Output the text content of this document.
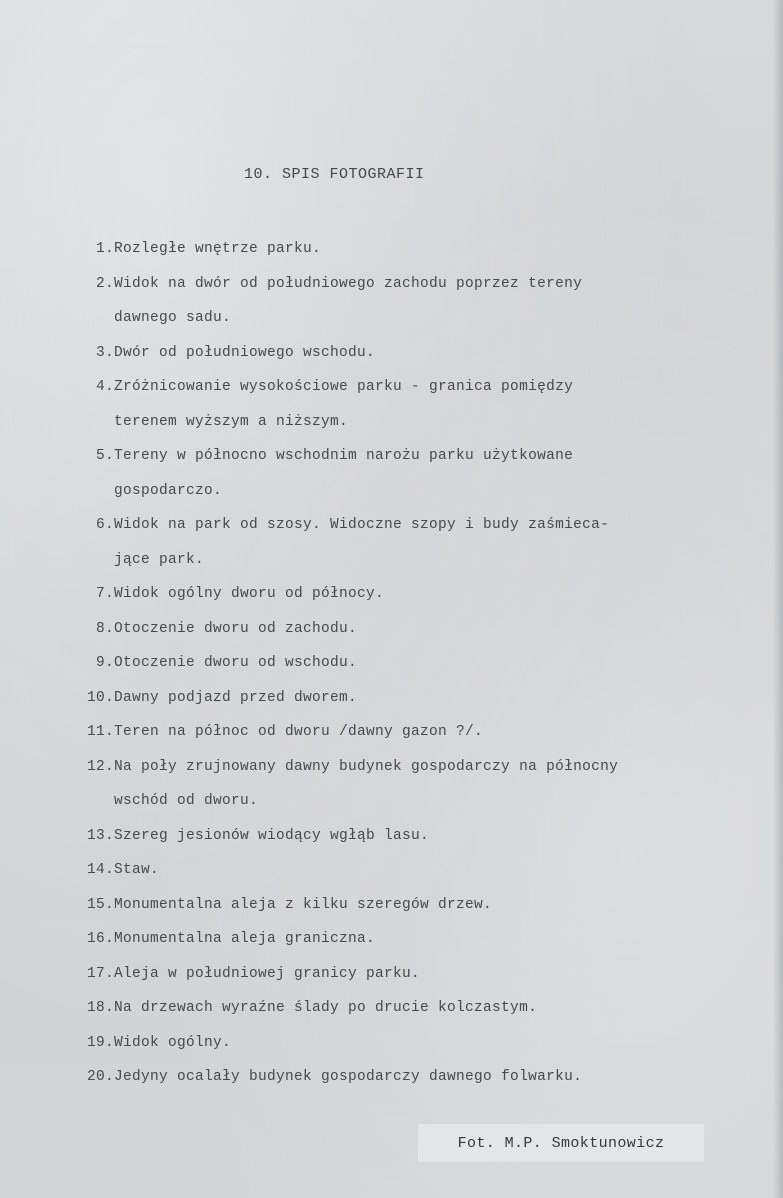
10. SPIS FOTOGRAFII
1. Rozległe wnętrze parku.
2. Widok na dwór od południowego zachodu poprzez tereny
dawnego sadu.
3. Dwór od południowego wschodu.
4. Zróżnicowanie wysokościowe parku - granica pomiędzy
terenem wyższym a niższym.
5. Tereny w północno wschodnim narożu parku użytkowane
gospodarczo.
6. Widok na park od szosy. Widoczne szopy i budy zaśmieca-
jące park.
7. Widok ogólny dworu od północy.
8. Otoczenie dworu od zachodu.
9. Otoczenie dworu od wschodu.
10. Dawny podjazd przed dworem.
11. Teren na północ od dworu /dawny gazon ?/.
12. Na poły zrujnowany dawny budynek gospodarczy na północny
wschód od dworu.
13. Szereg jesionów wiodący wgłąb lasu.
14. Staw.
15. Monumentalna aleja z kilku szeregów drzew.
16. Monumentalna aleja graniczna.
17. Aleja w południowej granicy parku.
18. Na drzewach wyraźne ślady po drucie kolczastym.
19. Widok ogólny.
20. Jedyny ocalały budynek gospodarczy dawnego folwarku.
Fot. M.P. Smoktunowicz
